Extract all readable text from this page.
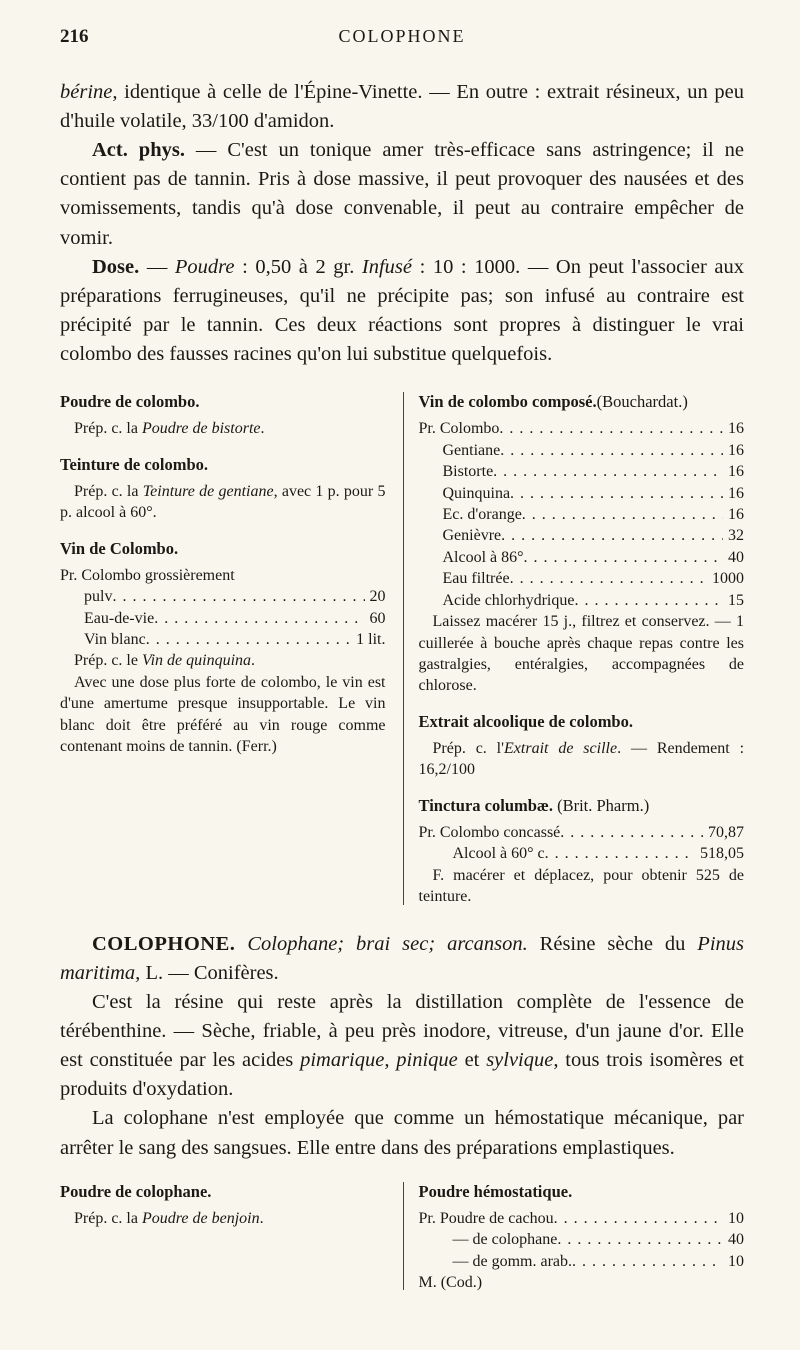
216	COLOPHONE

bérine, identique à celle de l'Épine-Vinette. — En outre : extrait résineux, un peu d'huile volatile, 33/100 d'amidon.

Act. phys. — C'est un tonique amer très-efficace sans astringence; il ne contient pas de tannin. Pris à dose massive, il peut provoquer des nausées et des vomissements, tandis qu'à dose convenable, il peut au contraire empêcher de vomir.

Dose. — Poudre : 0,50 à 2 gr. Infusé : 10 : 1000. — On peut l'associer aux préparations ferrugineuses, qu'il ne précipite pas; son infusé au contraire est précipité par le tannin. Ces deux réactions sont propres à distinguer le vrai colombo des fausses racines qu'on lui substitue quelquefois.

Poudre de colombo.
Prép. c. la Poudre de bistorte.
Teinture de colombo.
Prép. c. la Teinture de gentiane, avec 1 p. pour 5 p. alcool à 60°.
Vin de Colombo.
Pr. Colombo grossièrement
pulv . . .	20
Eau-de-vie . . .	60
Vin blanc . . .	1 lit.
Prép. c. le Vin de quinquina.
Avec une dose plus forte de colombo, le vin est d'une amertume presque insupportable. Le vin blanc doit être préféré au vin rouge comme contenant moins de tannin. (Ferr.)
Vin de colombo composé.(Bouchardat.)
Pr. Colombo . . .	16
Gentiane . . .	16
Bistorte . . .	16
Quinquina . . .	16
Ec. d'orange . . .	16
Genièvre . . .	32
Alcool à 86° . . .	40
Eau filtrée . . .	1000
Acide chlorhydrique . . .	15
Laissez macérer 15 j., filtrez et conservez. — 1 cuillerée à bouche après chaque repas contre les gastralgies, entéralgies, accompagnées de chlorose.
Extrait alcoolique de colombo.
Prép. c. l'Extrait de scille. — Rendement : 16,2/100
Tinctura columbæ. (Brit. Pharm.)
Pr. Colombo concassé . . .	70,87
Alcool à 60° c . . .	518,05
F. macérer et déplacez, pour obtenir 525 de teinture.

COLOPHONE. Colophane; brai sec; arcanson. Résine sèche du Pinus maritima, L. — Conifères.

C'est la résine qui reste après la distillation complète de l'essence de térébenthine. — Sèche, friable, à peu près inodore, vitreuse, d'un jaune d'or. Elle est constituée par les acides pimarique, pinique et sylvique, tous trois isomères et produits d'oxydation.

La colophane n'est employée que comme un hémostatique mécanique, par arrêter le sang des sangsues. Elle entre dans des préparations emplastiques.

Poudre de colophane.
Prép. c. la Poudre de benjoin.
Poudre hémostatique.
Pr. Poudre de cachou . . .	10
— de colophane . . .	40
— de gomm. arab. . . .	10
M. (Cod.)
